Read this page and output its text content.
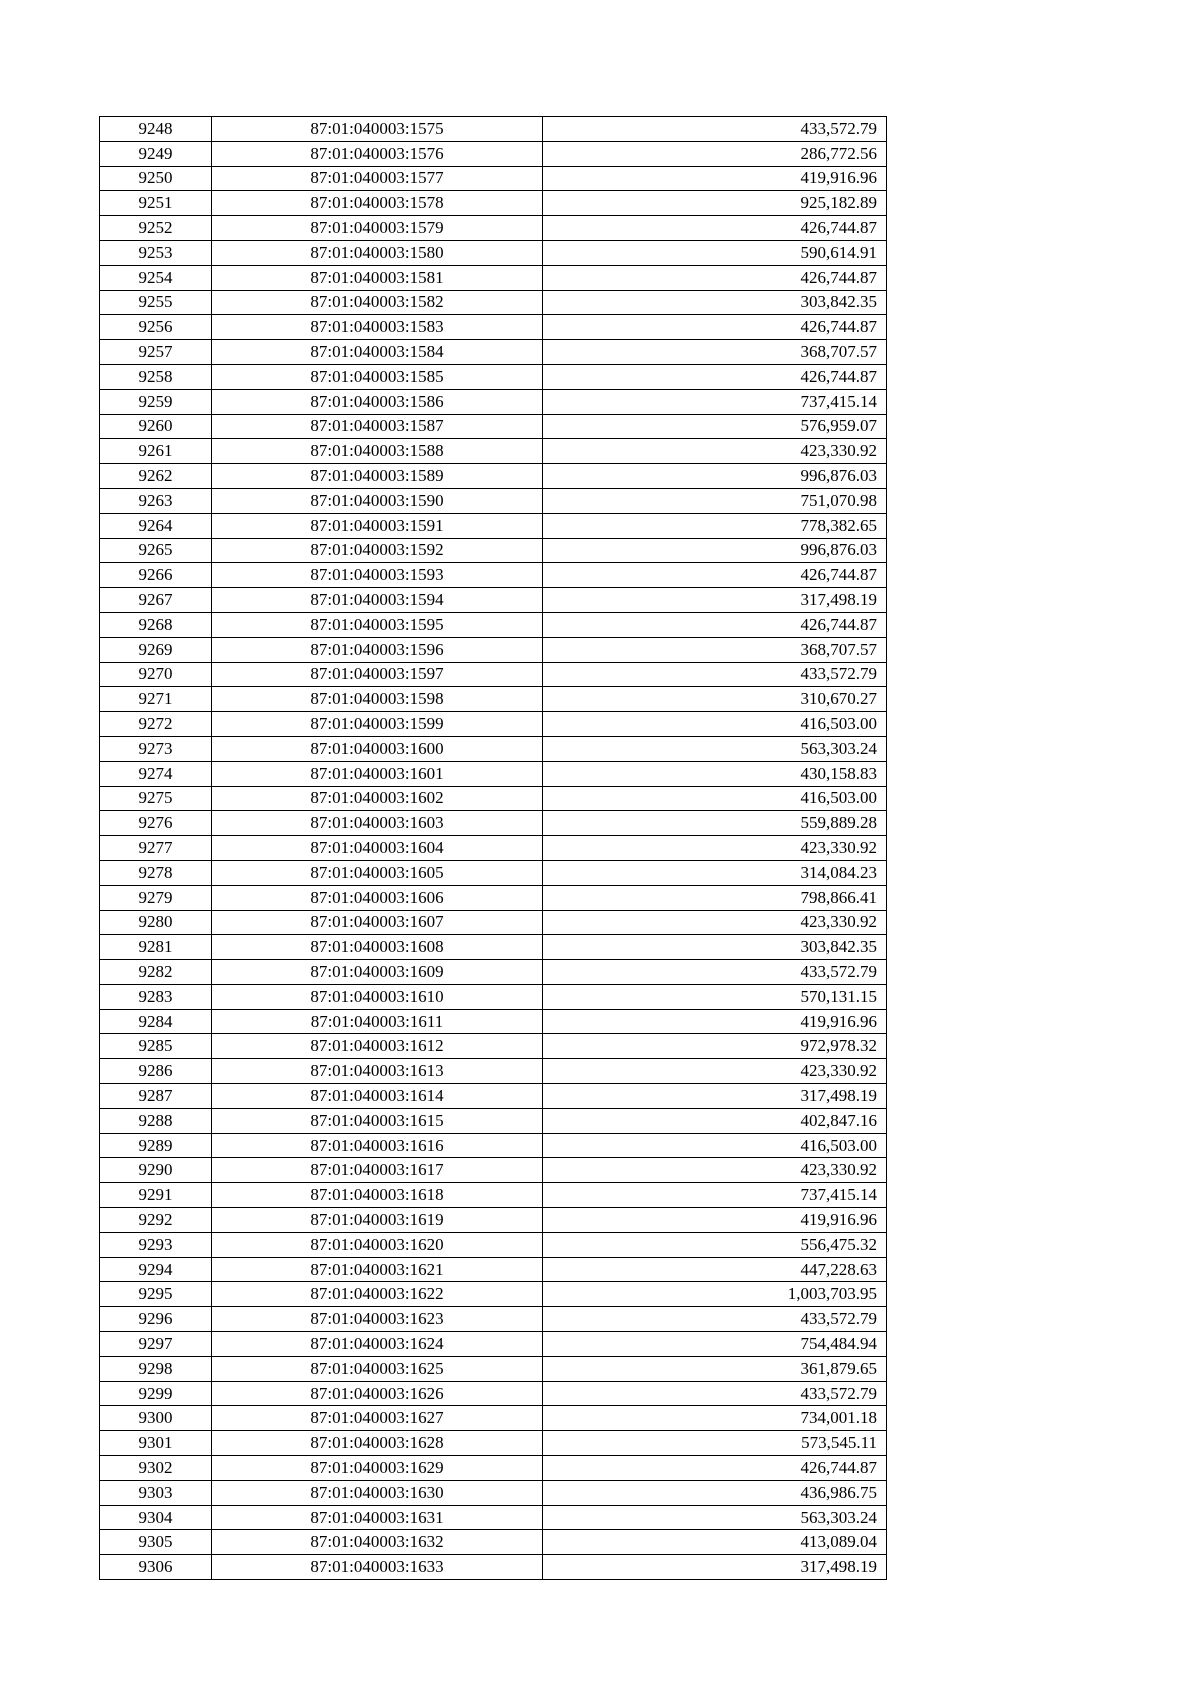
9248	87:01:040003:1575	433,572.79
9249	87:01:040003:1576	286,772.56
9250	87:01:040003:1577	419,916.96
9251	87:01:040003:1578	925,182.89
9252	87:01:040003:1579	426,744.87
9253	87:01:040003:1580	590,614.91
9254	87:01:040003:1581	426,744.87
9255	87:01:040003:1582	303,842.35
9256	87:01:040003:1583	426,744.87
9257	87:01:040003:1584	368,707.57
9258	87:01:040003:1585	426,744.87
9259	87:01:040003:1586	737,415.14
9260	87:01:040003:1587	576,959.07
9261	87:01:040003:1588	423,330.92
9262	87:01:040003:1589	996,876.03
9263	87:01:040003:1590	751,070.98
9264	87:01:040003:1591	778,382.65
9265	87:01:040003:1592	996,876.03
9266	87:01:040003:1593	426,744.87
9267	87:01:040003:1594	317,498.19
9268	87:01:040003:1595	426,744.87
9269	87:01:040003:1596	368,707.57
9270	87:01:040003:1597	433,572.79
9271	87:01:040003:1598	310,670.27
9272	87:01:040003:1599	416,503.00
9273	87:01:040003:1600	563,303.24
9274	87:01:040003:1601	430,158.83
9275	87:01:040003:1602	416,503.00
9276	87:01:040003:1603	559,889.28
9277	87:01:040003:1604	423,330.92
9278	87:01:040003:1605	314,084.23
9279	87:01:040003:1606	798,866.41
9280	87:01:040003:1607	423,330.92
9281	87:01:040003:1608	303,842.35
9282	87:01:040003:1609	433,572.79
9283	87:01:040003:1610	570,131.15
9284	87:01:040003:1611	419,916.96
9285	87:01:040003:1612	972,978.32
9286	87:01:040003:1613	423,330.92
9287	87:01:040003:1614	317,498.19
9288	87:01:040003:1615	402,847.16
9289	87:01:040003:1616	416,503.00
9290	87:01:040003:1617	423,330.92
9291	87:01:040003:1618	737,415.14
9292	87:01:040003:1619	419,916.96
9293	87:01:040003:1620	556,475.32
9294	87:01:040003:1621	447,228.63
9295	87:01:040003:1622	1,003,703.95
9296	87:01:040003:1623	433,572.79
9297	87:01:040003:1624	754,484.94
9298	87:01:040003:1625	361,879.65
9299	87:01:040003:1626	433,572.79
9300	87:01:040003:1627	734,001.18
9301	87:01:040003:1628	573,545.11
9302	87:01:040003:1629	426,744.87
9303	87:01:040003:1630	436,986.75
9304	87:01:040003:1631	563,303.24
9305	87:01:040003:1632	413,089.04
9306	87:01:040003:1633	317,498.19
